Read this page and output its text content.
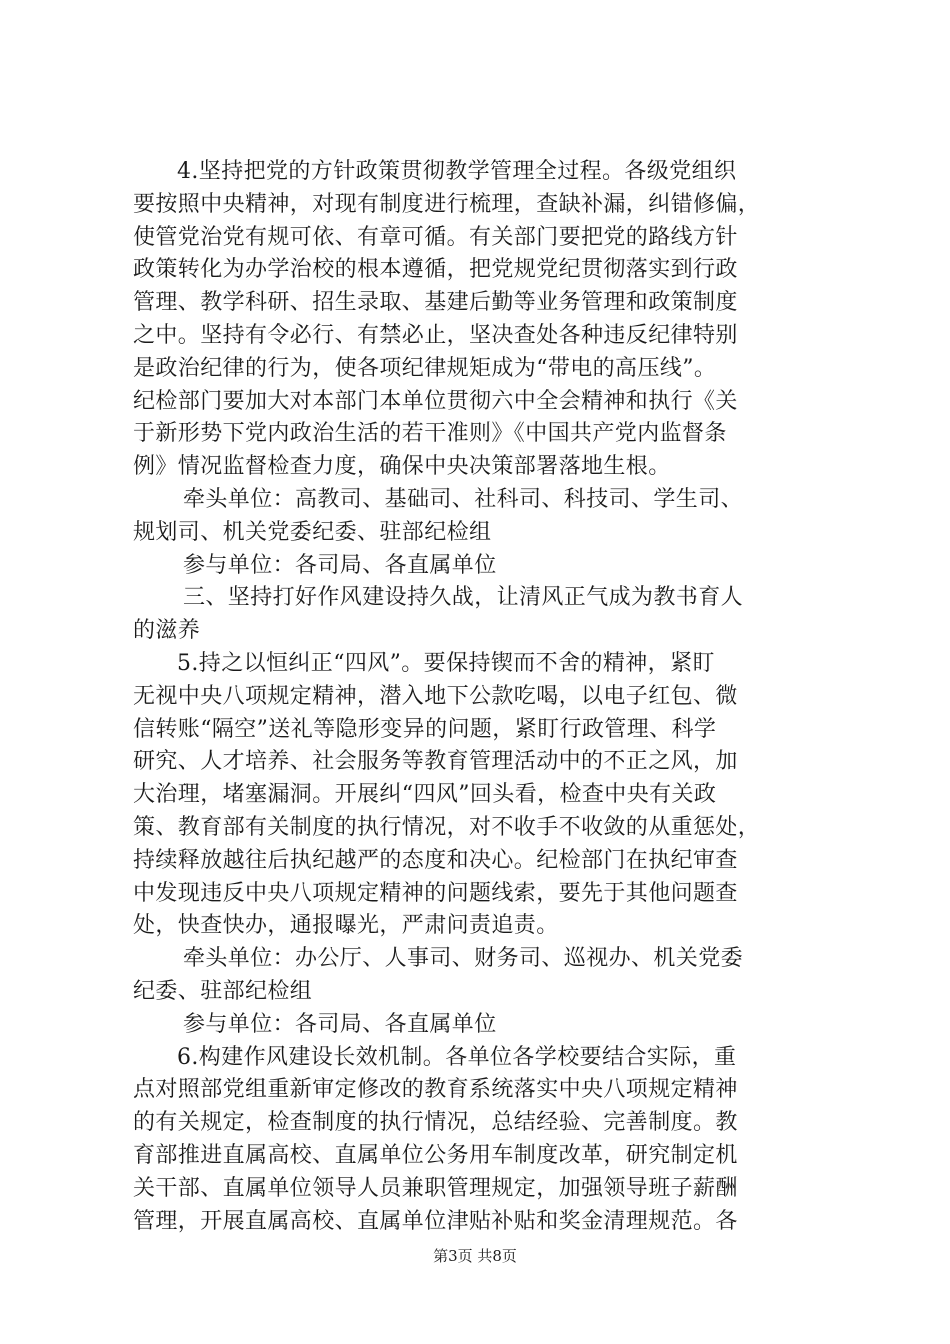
4.坚持把党的方针政策贯彻教学管理全过程。各级党组织
要按照中央精神，对现有制度进行梳理，查缺补漏，纠错修偏，
使管党治党有规可依、有章可循。有关部门要把党的路线方针
政策转化为办学治校的根本遵循，把党规党纪贯彻落实到行政
管理、教学科研、招生录取、基建后勤等业务管理和政策制度
之中。坚持有令必行、有禁必止，坚决查处各种违反纪律特别
是政治纪律的行为，使各项纪律规矩成为“带电的高压线”。
纪检部门要加大对本部门本单位贯彻六中全会精神和执行《关
于新形势下党内政治生活的若干准则》《中国共产党内监督条
例》情况监督检查力度，确保中央决策部署落地生根。
牵头单位：高教司、基础司、社科司、科技司、学生司、
规划司、机关党委纪委、驻部纪检组
参与单位：各司局、各直属单位
三、坚持打好作风建设持久战，让清风正气成为教书育人
的滋养
5.持之以恒纠正“四风”。要保持锲而不舍的精神，紧盯
无视中央八项规定精神，潜入地下公款吃喝，以电子红包、微
信转账“隔空”送礼等隐形变异的问题，紧盯行政管理、科学
研究、人才培养、社会服务等教育管理活动中的不正之风，加
大治理，堵塞漏洞。开展纠“四风”回头看，检查中央有关政
策、教育部有关制度的执行情况，对不收手不收敛的从重惩处，
持续释放越往后执纪越严的态度和决心。纪检部门在执纪审查
中发现违反中央八项规定精神的问题线索，要先于其他问题查
处，快查快办，通报曝光，严肃问责追责。
牵头单位：办公厅、人事司、财务司、巡视办、机关党委
纪委、驻部纪检组
参与单位：各司局、各直属单位
6.构建作风建设长效机制。各单位各学校要结合实际，重
点对照部党组重新审定修改的教育系统落实中央八项规定精神
的有关规定，检查制度的执行情况，总结经验、完善制度。教
育部推进直属高校、直属单位公务用车制度改革，研究制定机
关干部、直属单位领导人员兼职管理规定，加强领导班子薪酬
管理，开展直属高校、直属单位津贴补贴和奖金清理规范。各
第3页 共8页
